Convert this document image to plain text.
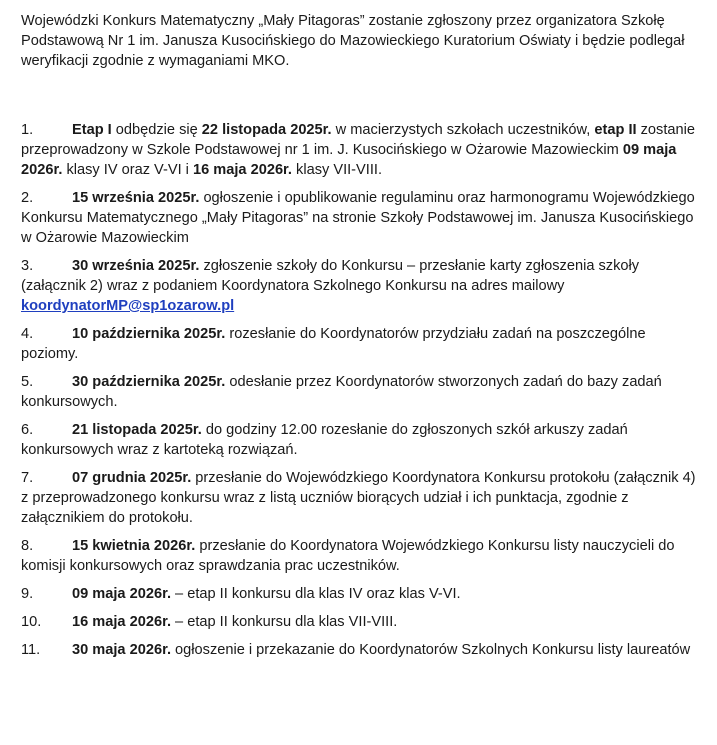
Wojewódzki Konkurs Matematyczny „Mały Pitagoras” zostanie zgłoszony przez organizatora Szkołę Podstawową Nr 1 im. Janusza Kusocińskiego do Mazowieckiego Kuratorium Oświaty i będzie podlegał weryfikacji zgodnie z wymaganiami MKO.

1.	Etap I odbędzie się 22 listopada 2025r. w macierzystych szkołach uczestników, etap II zostanie przeprowadzony w Szkole Podstawowej nr 1 im. J. Kusocińskiego w Ożarowie Mazowieckim 09 maja 2026r. klasy IV oraz V-VI i 16 maja 2026r. klasy VII-VIII.

2.	15 września 2025r. ogłoszenie i opublikowanie regulaminu oraz harmonogramu Wojewódzkiego Konkursu Matematycznego „Mały Pitagoras” na stronie Szkoły Podstawowej im. Janusza Kusocińskiego w Ożarowie Mazowieckim

3.	30 września 2025r. zgłoszenie szkoły do Konkursu – przesłanie karty zgłoszenia szkoły (załącznik 2) wraz z podaniem Koordynatora Szkolnego Konkursu na adres mailowy koordynatorMP@sp1ozarow.pl

4.	10 października 2025r. rozesłanie do Koordynatorów przydziału zadań na poszczególne poziomy.

5.	30 października 2025r. odesłanie przez Koordynatorów stworzonych zadań do bazy zadań konkursowych.

6.	21 listopada 2025r. do godziny 12.00 rozesłanie do zgłoszonych szkół arkuszy zadań konkursowych wraz z kartoteką rozwiązań.

7.	07 grudnia 2025r. przesłanie do Wojewódzkiego Koordynatora Konkursu protokołu (załącznik 4) z przeprowadzonego konkursu wraz z listą uczniów biorących udział i ich punktacja, zgodnie z załącznikiem do protokołu.

8.	15 kwietnia 2026r. przesłanie do Koordynatora Wojewódzkiego Konkursu listy nauczycieli do komisji konkursowych oraz sprawdzania prac uczestników.

9.	09 maja 2026r. – etap II konkursu dla klas IV oraz klas V-VI.

10. 16 maja 2026r. – etap II konkursu dla klas VII-VIII.

11. 30 maja 2026r. ogłoszenie i przekazanie do Koordynatorów Szkolnych Konkursu listy laureatów
